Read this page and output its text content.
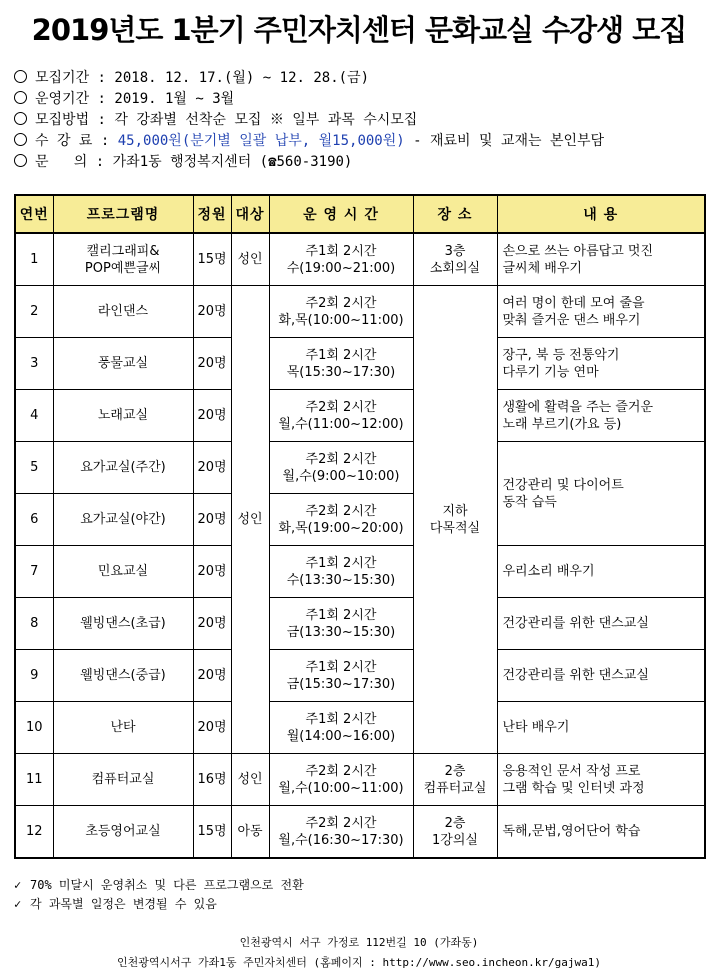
2019년도 1분기 주민자치센터 문화교실 수강생 모집
모집기간 : 2018. 12. 17.(월) ~ 12. 28.(금)
운영기간 : 2019. 1월 ~ 3월
모집방법 : 각 강좌별 선착순 모집 ※ 일부 과목 수시모집
수 강 료 : 45,000원(분기별 일괄 납부, 월15,000원) - 재료비 및 교재는 본인부담
문   의 : 가좌1동 행정복지센터 (☎560-3190)
연번	프로그램명	정원	대상	운 영 시 간	장 소	내 용
1	캘리그래피&
POP예쁜글씨	15명	성인	주1회 2시간
수(19:00~21:00)	3층
소회의실	손으로 쓰는 아름답고 멋진
글씨체 배우기
2	라인댄스	20명	성인	주2회 2시간
화,목(10:00~11:00)	지하
다목적실	여러 명이 한데 모여 줄을
맞춰 즐거운 댄스 배우기
3	풍물교실	20명		주1회 2시간
목(15:30~17:30)		장구, 북 등 전통악기
다루기 기능 연마
4	노래교실	20명		주2회 2시간
월,수(11:00~12:00)		생활에 활력을 주는 즐거운
노래 부르기(가요 등)
5	요가교실(주간)	20명		주2회 2시간
월,수(9:00~10:00)		건강관리 및 다이어트
동작 습득
6	요가교실(야간)	20명		주2회 2시간
화,목(19:00~20:00)		
7	민요교실	20명		주1회 2시간
수(13:30~15:30)		우리소리 배우기
8	웰빙댄스(초급)	20명		주1회 2시간
금(13:30~15:30)		건강관리를 위한 댄스교실
9	웰빙댄스(중급)	20명		주1회 2시간
금(15:30~17:30)		건강관리를 위한 댄스교실
10	난타	20명		주1회 2시간
월(14:00~16:00)		난타 배우기
11	컴퓨터교실	16명	성인	주2회 2시간
월,수(10:00~11:00)	2층
컴퓨터교실	응용적인 문서 작성 프로
그램 학습 및 인터넷 과정
12	초등영어교실	15명	아동	주2회 2시간
월,수(16:30~17:30)	2층
1강의실	독해,문법,영어단어 학습
✓ 70% 미달시 운영취소 및 다른 프로그램으로 전환
✓ 각 과목별 일정은 변경될 수 있음
인천광역시 서구 가정로 112번길 10 (가좌동)
인천광역시서구 가좌1동 주민자치센터 (홈페이지 : http://www.seo.incheon.kr/gajwa1)
